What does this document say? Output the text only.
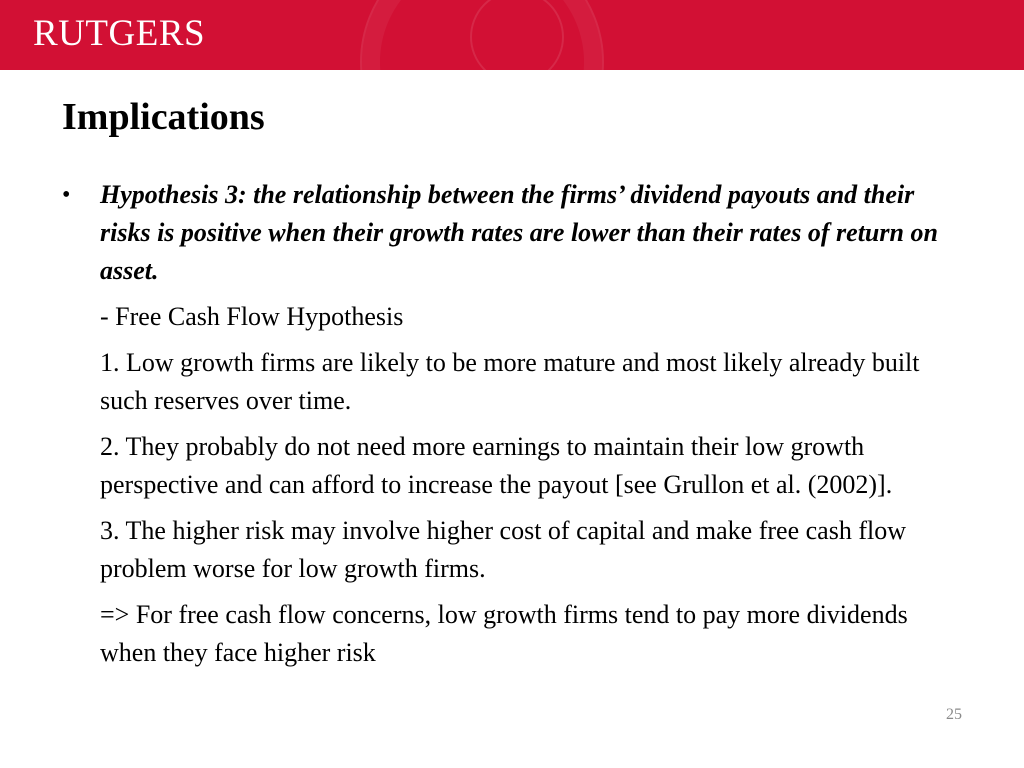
RUTGERS
Implications
• Hypothesis 3: the relationship between the firms’ dividend payouts and their risks is positive when their growth rates are lower than their rates of return on asset.

- Free Cash Flow Hypothesis

1. Low growth firms are likely to be more mature and most likely already built such reserves over time.

2. They probably do not need more earnings to maintain their low growth perspective and can afford to increase the payout [see Grullon et al. (2002)].

3. The higher risk may involve higher cost of capital and make free cash flow problem worse for low growth firms.

=> For free cash flow concerns, low growth firms tend to pay more dividends when they face higher risk

25
